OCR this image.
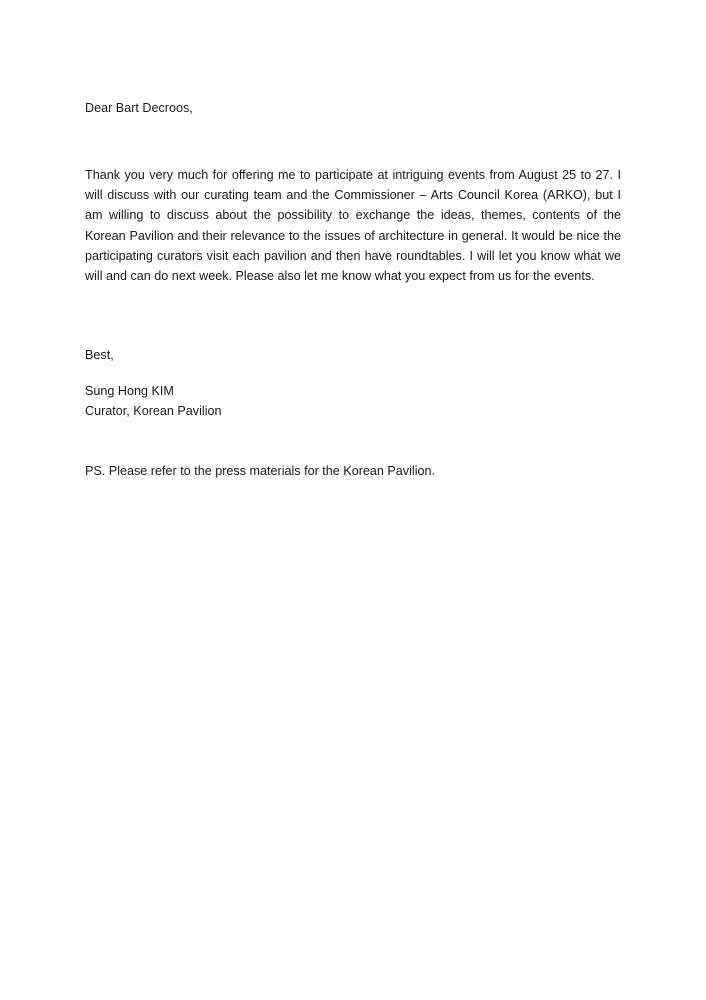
Dear Bart Decroos,

Thank you very much for offering me to participate at intriguing events from August 25 to 27. I will discuss with our curating team and the Commissioner – Arts Council Korea (ARKO), but I am willing to discuss about the possibility to exchange the ideas, themes, contents of the Korean Pavilion and their relevance to the issues of architecture in general. It would be nice the participating curators visit each pavilion and then have roundtables. I will let you know what we will and can do next week. Please also let me know what you expect from us for the events.

Best,

Sung Hong KIM
Curator, Korean Pavilion

PS. Please refer to the press materials for the Korean Pavilion.
